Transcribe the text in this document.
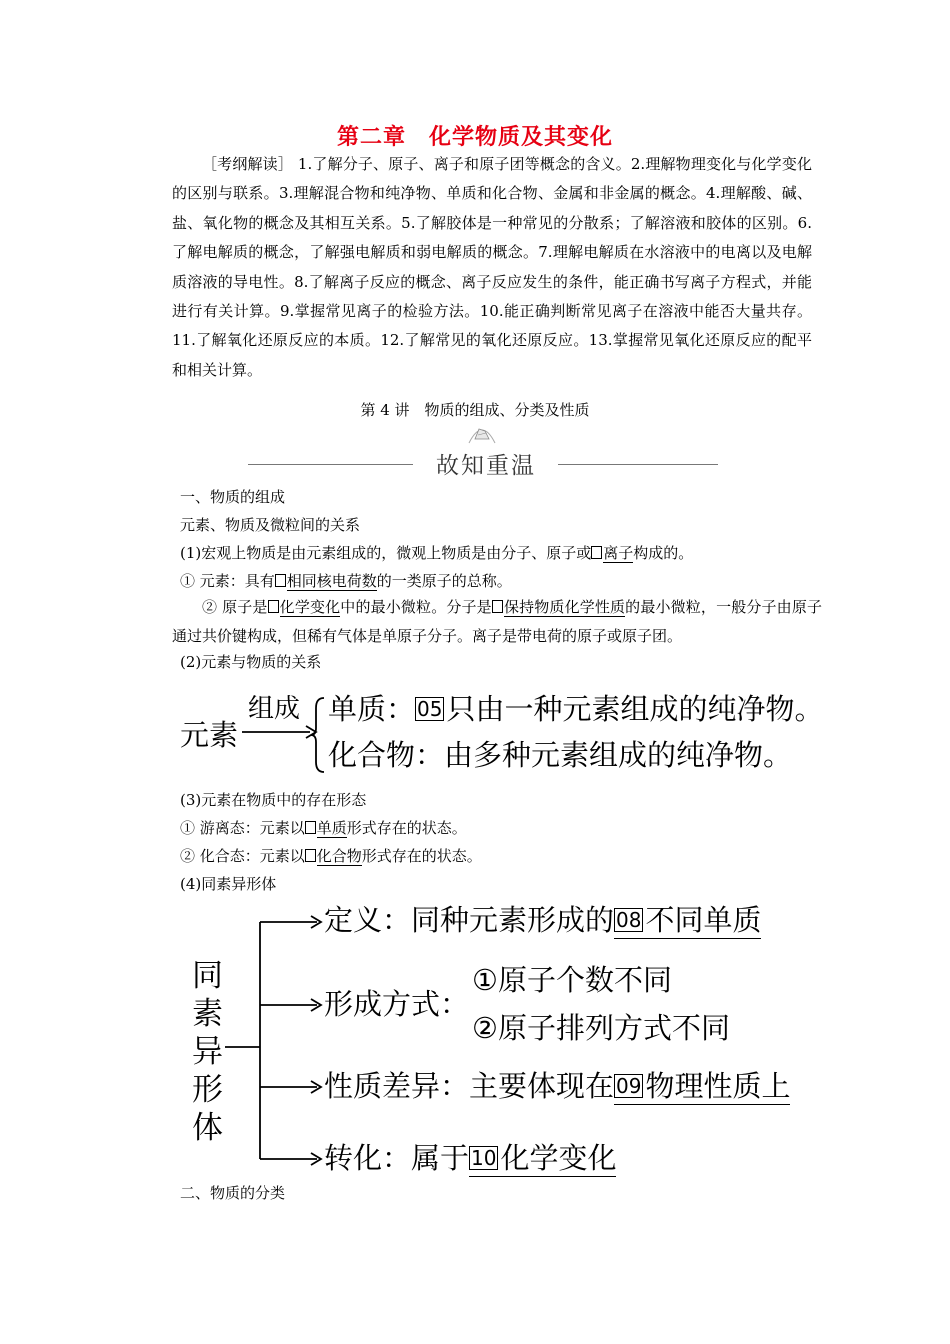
第二章　化学物质及其变化
［考纲解读］ 1.了解分子、原子、离子和原子团等概念的含义。2.理解物理变化与化学变化的区别与联系。3.理解混合物和纯净物、单质和化合物、金属和非金属的概念。4.理解酸、碱、盐、氧化物的概念及其相互关系。5.了解胶体是一种常见的分散系；了解溶液和胶体的区别。6.了解电解质的概念，了解强电解质和弱电解质的概念。7.理解电解质在水溶液中的电离以及电解质溶液的导电性。8.了解离子反应的概念、离子反应发生的条件，能正确书写离子方程式，并能进行有关计算。9.掌握常见离子的检验方法。10.能正确判断常见离子在溶液中能否大量共存。11.了解氧化还原反应的本质。12.了解常见的氧化还原反应。13.掌握常见氧化还原反应的配平和相关计算。
第 4 讲　物质的组成、分类及性质
故知重温
一、物质的组成
元素、物质及微粒间的关系
(1)宏观上物质是由元素组成的，微观上物质是由分子、原子或 离子构成的。
① 元素：具有 相同核电荷数的一类原子的总称。
② 原子是 化学变化中的最小微粒。分子是 保持物质化学性质的最小微粒，一般分子由原子通过共价键构成，但稀有气体是单原子分子。离子是带电荷的原子或原子团。
(2)元素与物质的关系
元素
组成 单质： 05 只由一种元素组成的纯净物。
化合物：由多种元素组成的纯净物。
(3)元素在物质中的存在形态
① 游离态：元素以 单质形式存在的状态。
② 化合态：元素以 化合物形式存在的状态。
(4)同素异形体
同素异形体
定义：同种元素形成的 08 不同单质
形成方式：
①原子个数不同
②原子排列方式不同
性质差异：主要体现在 09 物理性质上
转化：属于 10 化学变化
二、物质的分类
